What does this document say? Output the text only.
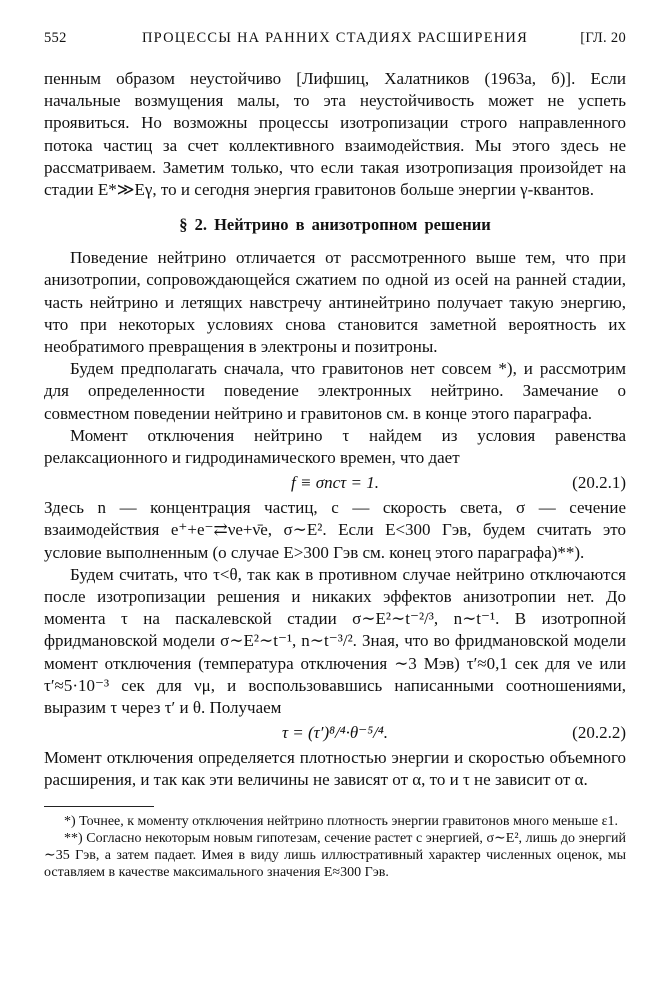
552	ПРОЦЕССЫ НА РАННИХ СТАДИЯХ РАСШИРЕНИЯ	[ГЛ. 20

пенным образом неустойчиво [Лифшиц, Халатников (1963а, б)]. Если начальные возмущения малы, то эта неустойчивость может не успеть проявиться. Но возможны процессы изотропизации строго направленного потока частиц за счет коллективного взаимодействия. Мы этого здесь не рассматриваем. Заметим только, что если такая изотропизация произойдет на стадии E*≫Eγ, то и сегодня энергия гравитонов больше энергии γ-квантов.

§ 2. Нейтрино в анизотропном решении

Поведение нейтрино отличается от рассмотренного выше тем, что при анизотропии, сопровождающейся сжатием по одной из осей на ранней стадии, часть нейтрино и летящих навстречу антинейтрино получает такую энергию, что при некоторых условиях снова становится заметной вероятность их необратимого превращения в электроны и позитроны.

Будем предполагать сначала, что гравитонов нет совсем *), и рассмотрим для определенности поведение электронных нейтрино. Замечание о совместном поведении нейтрино и гравитонов см. в конце этого параграфа.

Момент отключения нейтрино τ найдем из условия равенства релаксационного и гидродинамического времен, что дает

f ≡ σncτ = 1.	(20.2.1)

Здесь n — концентрация частиц, c — скорость света, σ — сечение взаимодействия e⁺+e⁻⇄νe+ν̄e, σ∼E². Если E<300 Гэв, будем считать это условие выполненным (о случае E>300 Гэв см. конец этого параграфа)**).

Будем считать, что τ<θ, так как в противном случае нейтрино отключаются после изотропизации решения и никаких эффектов анизотропии нет. До момента τ на паскалевской стадии σ∼E²∼t⁻²/³, n∼t⁻¹. В изотропной фридмановской модели σ∼E²∼t⁻¹, n∼t⁻³/². Зная, что во фридмановской модели момент отключения (температура отключения ∼3 Мэв) τ′≈0,1 сек для νe или τ′≈5·10⁻³ сек для νμ, и воспользовавшись написанными соотношениями, выразим τ через τ′ и θ. Получаем

τ = (τ′)⁸/⁴·θ⁻⁵/⁴.	(20.2.2)

Момент отключения определяется плотностью энергии и скоростью объемного расширения, и так как эти величины не зависят от α, то и τ не зависит от α.

*) Точнее, к моменту отключения нейтрино плотность энергии гравитонов много меньше ε1.

**) Согласно некоторым новым гипотезам, сечение растет с энергией, σ∼E², лишь до энергий ∼35 Гэв, а затем падает. Имея в виду лишь иллюстративный характер численных оценок, мы оставляем в качестве максимального значения E≈300 Гэв.
